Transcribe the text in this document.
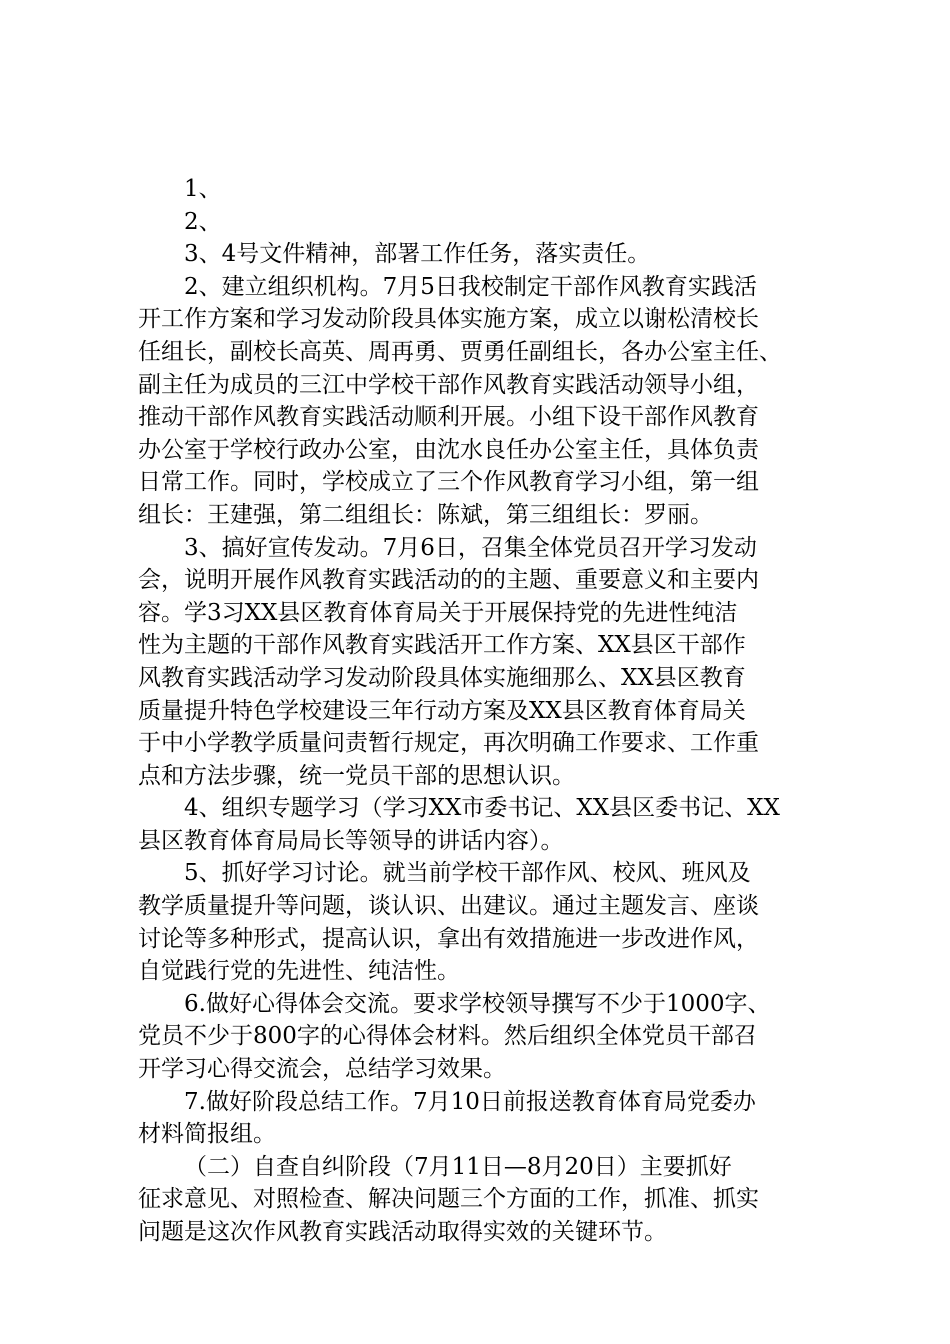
1、
2、
3、4号文件精神，部署工作任务，落实责任。
2、建立组织机构。7月5日我校制定干部作风教育实践活
开工作方案和学习发动阶段具体实施方案，成立以谢松清校长
任组长，副校长高英、周再勇、贾勇任副组长，各办公室主任、
副主任为成员的三江中学校干部作风教育实践活动领导小组，
推动干部作风教育实践活动顺利开展。小组下设干部作风教育
办公室于学校行政办公室，由沈水良任办公室主任，具体负责
日常工作。同时，学校成立了三个作风教育学习小组，第一组
组长：王建强，第二组组长：陈斌，第三组组长：罗丽。
3、搞好宣传发动。7月6日，召集全体党员召开学习发动
会，说明开展作风教育实践活动的的主题、重要意义和主要内
容。学3习XX县区教育体育局关于开展保持党的先进性纯洁
性为主题的干部作风教育实践活开工作方案、XX县区干部作
风教育实践活动学习发动阶段具体实施细那么、XX县区教育
质量提升特色学校建设三年行动方案及XX县区教育体育局关
于中小学教学质量问责暂行规定，再次明确工作要求、工作重
点和方法步骤，统一党员干部的思想认识。
4、组织专题学习（学习XX市委书记、XX县区委书记、XX
县区教育体育局局长等领导的讲话内容）。
5、抓好学习讨论。就当前学校干部作风、校风、班风及
教学质量提升等问题，谈认识、出建议。通过主题发言、座谈
讨论等多种形式，提高认识，拿出有效措施进一步改进作风，
自觉践行党的先进性、纯洁性。
6.做好心得体会交流。要求学校领导撰写不少于1000字、
党员不少于800字的心得体会材料。然后组织全体党员干部召
开学习心得交流会，总结学习效果。
7.做好阶段总结工作。7月10日前报送教育体育局党委办
材料简报组。
（二）自查自纠阶段（7月11日—8月20日）主要抓好
征求意见、对照检查、解决问题三个方面的工作，抓准、抓实
问题是这次作风教育实践活动取得实效的关键环节。
